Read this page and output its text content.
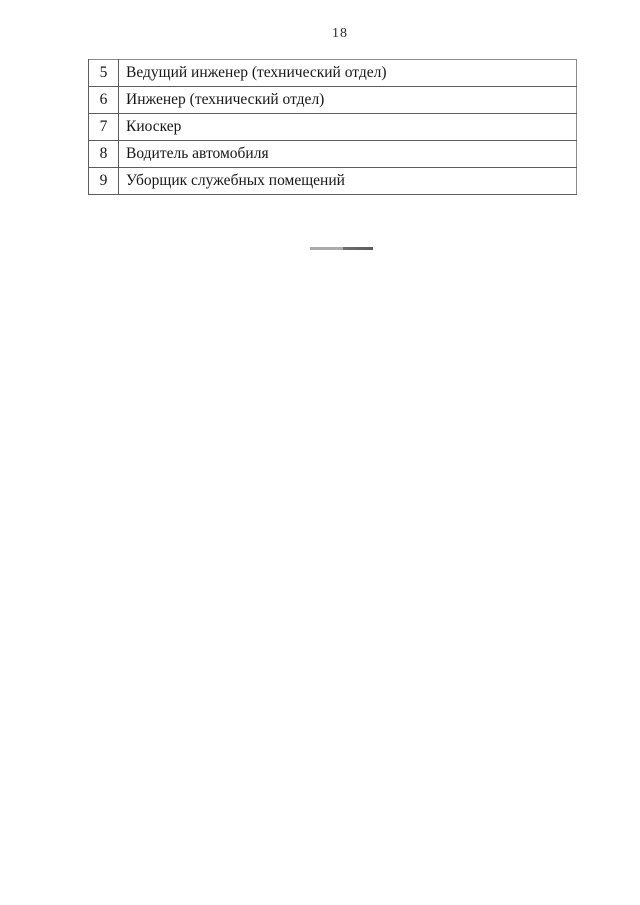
18
5	Ведущий инженер (технический отдел)
6	Инженер (технический отдел)
7	Киоскер
8	Водитель автомобиля
9	Уборщик служебных помещений
